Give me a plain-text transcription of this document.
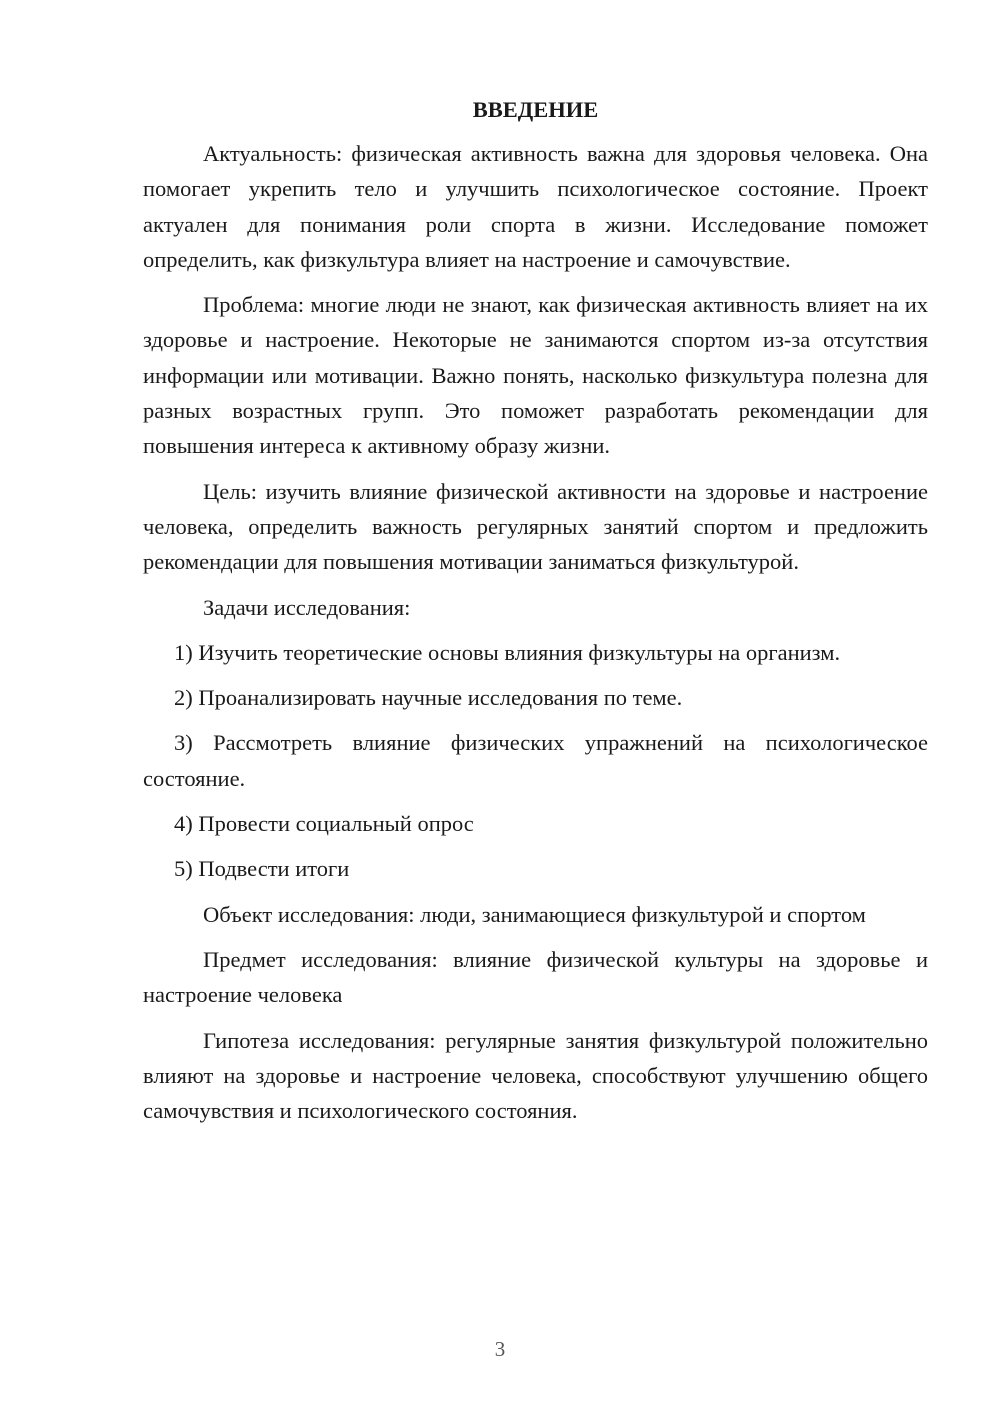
ВВЕДЕНИЕ

Актуальность: физическая активность важна для здоровья человека. Она помогает укрепить тело и улучшить психологическое состояние. Проект актуален для понимания роли спорта в жизни. Исследование поможет определить, как физкультура влияет на настроение и самочувствие.

Проблема: многие люди не знают, как физическая активность влияет на их здоровье и настроение. Некоторые не занимаются спортом из-за отсутствия информации или мотивации. Важно понять, насколько физкультура полезна для разных возрастных групп. Это поможет разработать рекомендации для повышения интереса к активному образу жизни.

Цель: изучить влияние физической активности на здоровье и настроение человека, определить важность регулярных занятий спортом и предложить рекомендации для повышения мотивации заниматься физкультурой.

Задачи исследования:

1) Изучить теоретические основы влияния физкультуры на организм.

2) Проанализировать научные исследования по теме.

3) Рассмотреть влияние физических упражнений на психологическое состояние.

4) Провести социальный опрос

5) Подвести итоги

Объект исследования: люди, занимающиеся физкультурой и спортом

Предмет исследования: влияние физической культуры на здоровье и настроение человека

Гипотеза исследования: регулярные занятия физкультурой положительно влияют на здоровье и настроение человека, способствуют улучшению общего самочувствия и психологического состояния.

3
